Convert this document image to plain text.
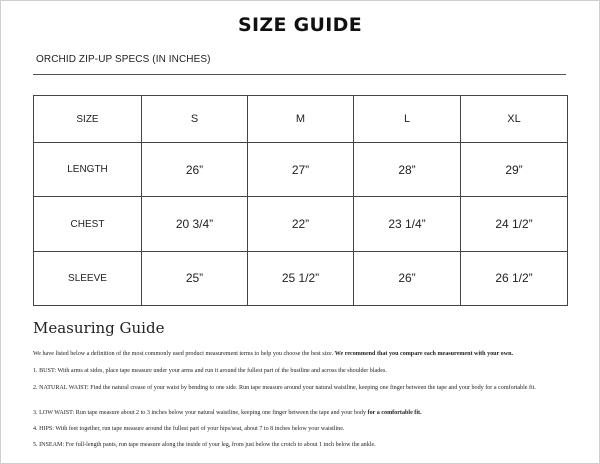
SIZE GUIDE
ORCHID ZIP-UP SPECS (IN INCHES)
SIZE	S	M	L	XL
LENGTH	26”	27”	28”	29”
CHEST	20 3/4”	22”	23 1/4”	24 1/2”
SLEEVE	25”	25 1/2”	26”	26 1/2”
Measuring Guide
We have listed below a definition of the most commonly used product measurement terms to help you choose the best size. We recommend that you compare each measurement with your own.
1. BUST: With arms at sides, place tape measure under your arms and run it around the fullest part of the bustline and across the shoulder blades.
2. NATURAL WAIST: Find the natural crease of your waist by bending to one side. Run tape measure around your natural waistline, keeping one finger between the tape and your body for a comfortable fit.
3. LOW WAIST: Run tape measure about 2 to 3 inches below your natural waistline, keeping one finger between the tape and your body for a comfortable fit.
4. HIPS: With feet together, run tape measure around the fullest part of your hips/seat, about 7 to 8 inches below your waistline.
5. INSEAM: For full-length pants, run tape measure along the inside of your leg, from just below the crotch to about 1 inch below the ankle.
